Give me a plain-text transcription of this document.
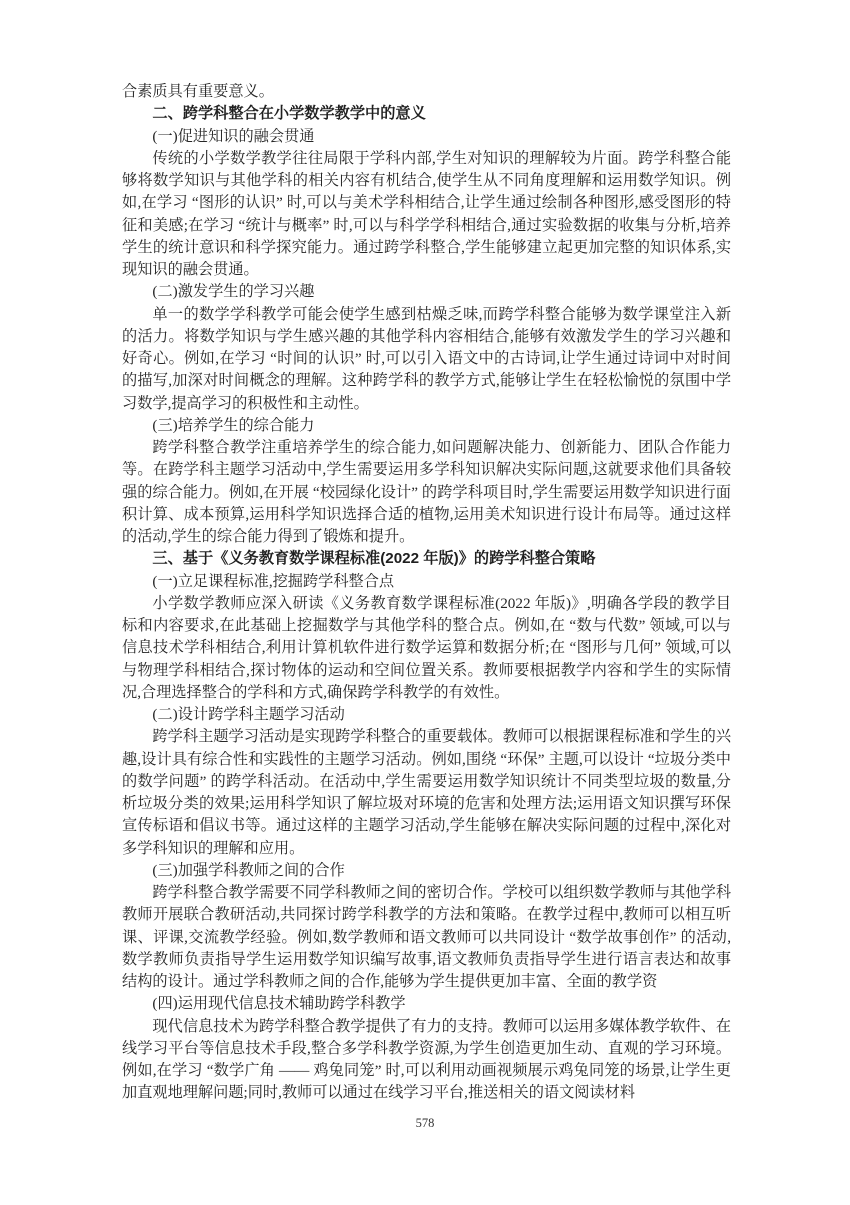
合素质具有重要意义。

二、跨学科整合在小学数学教学中的意义

(一)促进知识的融会贯通

传统的小学数学教学往往局限于学科内部,学生对知识的理解较为片面。跨学科整合能够将数学知识与其他学科的相关内容有机结合,使学生从不同角度理解和运用数学知识。例如,在学习 “图形的认识” 时,可以与美术学科相结合,让学生通过绘制各种图形,感受图形的特征和美感;在学习 “统计与概率” 时,可以与科学学科相结合,通过实验数据的收集与分析,培养学生的统计意识和科学探究能力。通过跨学科整合,学生能够建立起更加完整的知识体系,实现知识的融会贯通。

(二)激发学生的学习兴趣

单一的数学学科教学可能会使学生感到枯燥乏味,而跨学科整合能够为数学课堂注入新的活力。将数学知识与学生感兴趣的其他学科内容相结合,能够有效激发学生的学习兴趣和好奇心。例如,在学习 “时间的认识” 时,可以引入语文中的古诗词,让学生通过诗词中对时间的描写,加深对时间概念的理解。这种跨学科的教学方式,能够让学生在轻松愉悦的氛围中学习数学,提高学习的积极性和主动性。

(三)培养学生的综合能力

跨学科整合教学注重培养学生的综合能力,如问题解决能力、创新能力、团队合作能力等。在跨学科主题学习活动中,学生需要运用多学科知识解决实际问题,这就要求他们具备较强的综合能力。例如,在开展 “校园绿化设计” 的跨学科项目时,学生需要运用数学知识进行面积计算、成本预算,运用科学知识选择合适的植物,运用美术知识进行设计布局等。通过这样的活动,学生的综合能力得到了锻炼和提升。

三、基于《义务教育数学课程标准(2022 年版)》的跨学科整合策略

(一)立足课程标准,挖掘跨学科整合点

小学数学教师应深入研读《义务教育数学课程标准(2022 年版)》,明确各学段的教学目标和内容要求,在此基础上挖掘数学与其他学科的整合点。例如,在 “数与代数” 领域,可以与信息技术学科相结合,利用计算机软件进行数学运算和数据分析;在 “图形与几何” 领域,可以与物理学科相结合,探讨物体的运动和空间位置关系。教师要根据教学内容和学生的实际情况,合理选择整合的学科和方式,确保跨学科教学的有效性。

(二)设计跨学科主题学习活动

跨学科主题学习活动是实现跨学科整合的重要载体。教师可以根据课程标准和学生的兴趣,设计具有综合性和实践性的主题学习活动。例如,围绕 “环保” 主题,可以设计 “垃圾分类中的数学问题” 的跨学科活动。在活动中,学生需要运用数学知识统计不同类型垃圾的数量,分析垃圾分类的效果;运用科学知识了解垃圾对环境的危害和处理方法;运用语文知识撰写环保宣传标语和倡议书等。通过这样的主题学习活动,学生能够在解决实际问题的过程中,深化对多学科知识的理解和应用。

(三)加强学科教师之间的合作

跨学科整合教学需要不同学科教师之间的密切合作。学校可以组织数学教师与其他学科教师开展联合教研活动,共同探讨跨学科教学的方法和策略。在教学过程中,教师可以相互听课、评课,交流教学经验。例如,数学教师和语文教师可以共同设计 “数学故事创作” 的活动,数学教师负责指导学生运用数学知识编写故事,语文教师负责指导学生进行语言表达和故事结构的设计。通过学科教师之间的合作,能够为学生提供更加丰富、全面的教学资

(四)运用现代信息技术辅助跨学科教学

现代信息技术为跨学科整合教学提供了有力的支持。教师可以运用多媒体教学软件、在线学习平台等信息技术手段,整合多学科教学资源,为学生创造更加生动、直观的学习环境。例如,在学习 “数学广角 —— 鸡兔同笼” 时,可以利用动画视频展示鸡兔同笼的场景,让学生更加直观地理解问题;同时,教师可以通过在线学习平台,推送相关的语文阅读材料

578
